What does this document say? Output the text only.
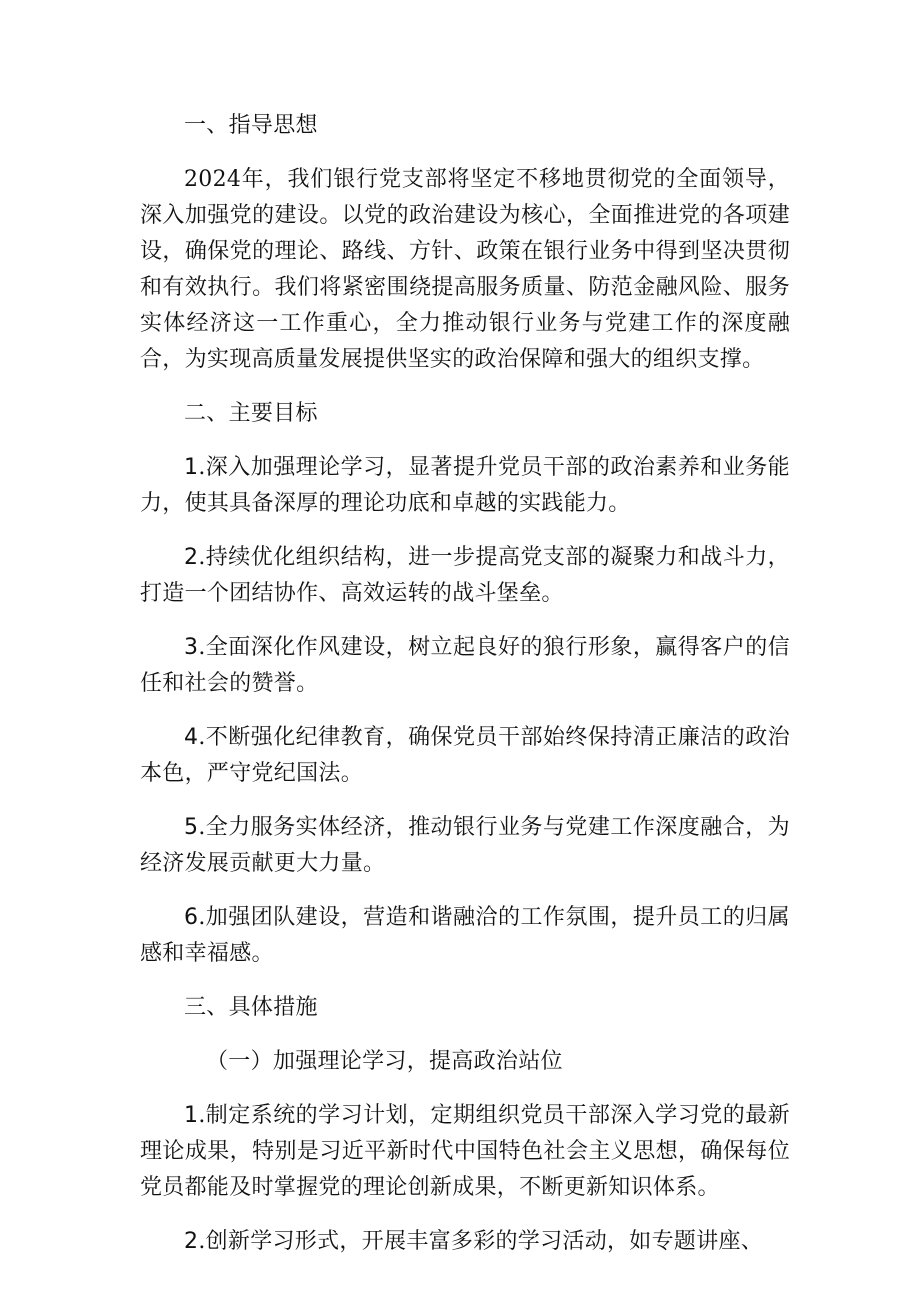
一、指导思想

2024年，我们银行党支部将坚定不移地贯彻党的全面领导，深入加强党的建设。以党的政治建设为核心，全面推进党的各项建设，确保党的理论、路线、方针、政策在银行业务中得到坚决贯彻和有效执行。我们将紧密围绕提高服务质量、防范金融风险、服务实体经济这一工作重心，全力推动银行业务与党建工作的深度融合，为实现高质量发展提供坚实的政治保障和强大的组织支撑。

二、主要目标

1.深入加强理论学习，显著提升党员干部的政治素养和业务能力，使其具备深厚的理论功底和卓越的实践能力。

2.持续优化组织结构，进一步提高党支部的凝聚力和战斗力，打造一个团结协作、高效运转的战斗堡垒。

3.全面深化作风建设，树立起良好的狼行形象，赢得客户的信任和社会的赞誉。

4.不断强化纪律教育，确保党员干部始终保持清正廉洁的政治本色，严守党纪国法。

5.全力服务实体经济，推动银行业务与党建工作深度融合，为经济发展贡献更大力量。

6.加强团队建设，营造和谐融洽的工作氛围，提升员工的归属感和幸福感。

三、具体措施

（一）加强理论学习，提高政治站位

1.制定系统的学习计划，定期组织党员干部深入学习党的最新理论成果，特别是习近平新时代中国特色社会主义思想，确保每位党员都能及时掌握党的理论创新成果，不断更新知识体系。

2.创新学习形式，开展丰富多彩的学习活动，如专题讲座、
